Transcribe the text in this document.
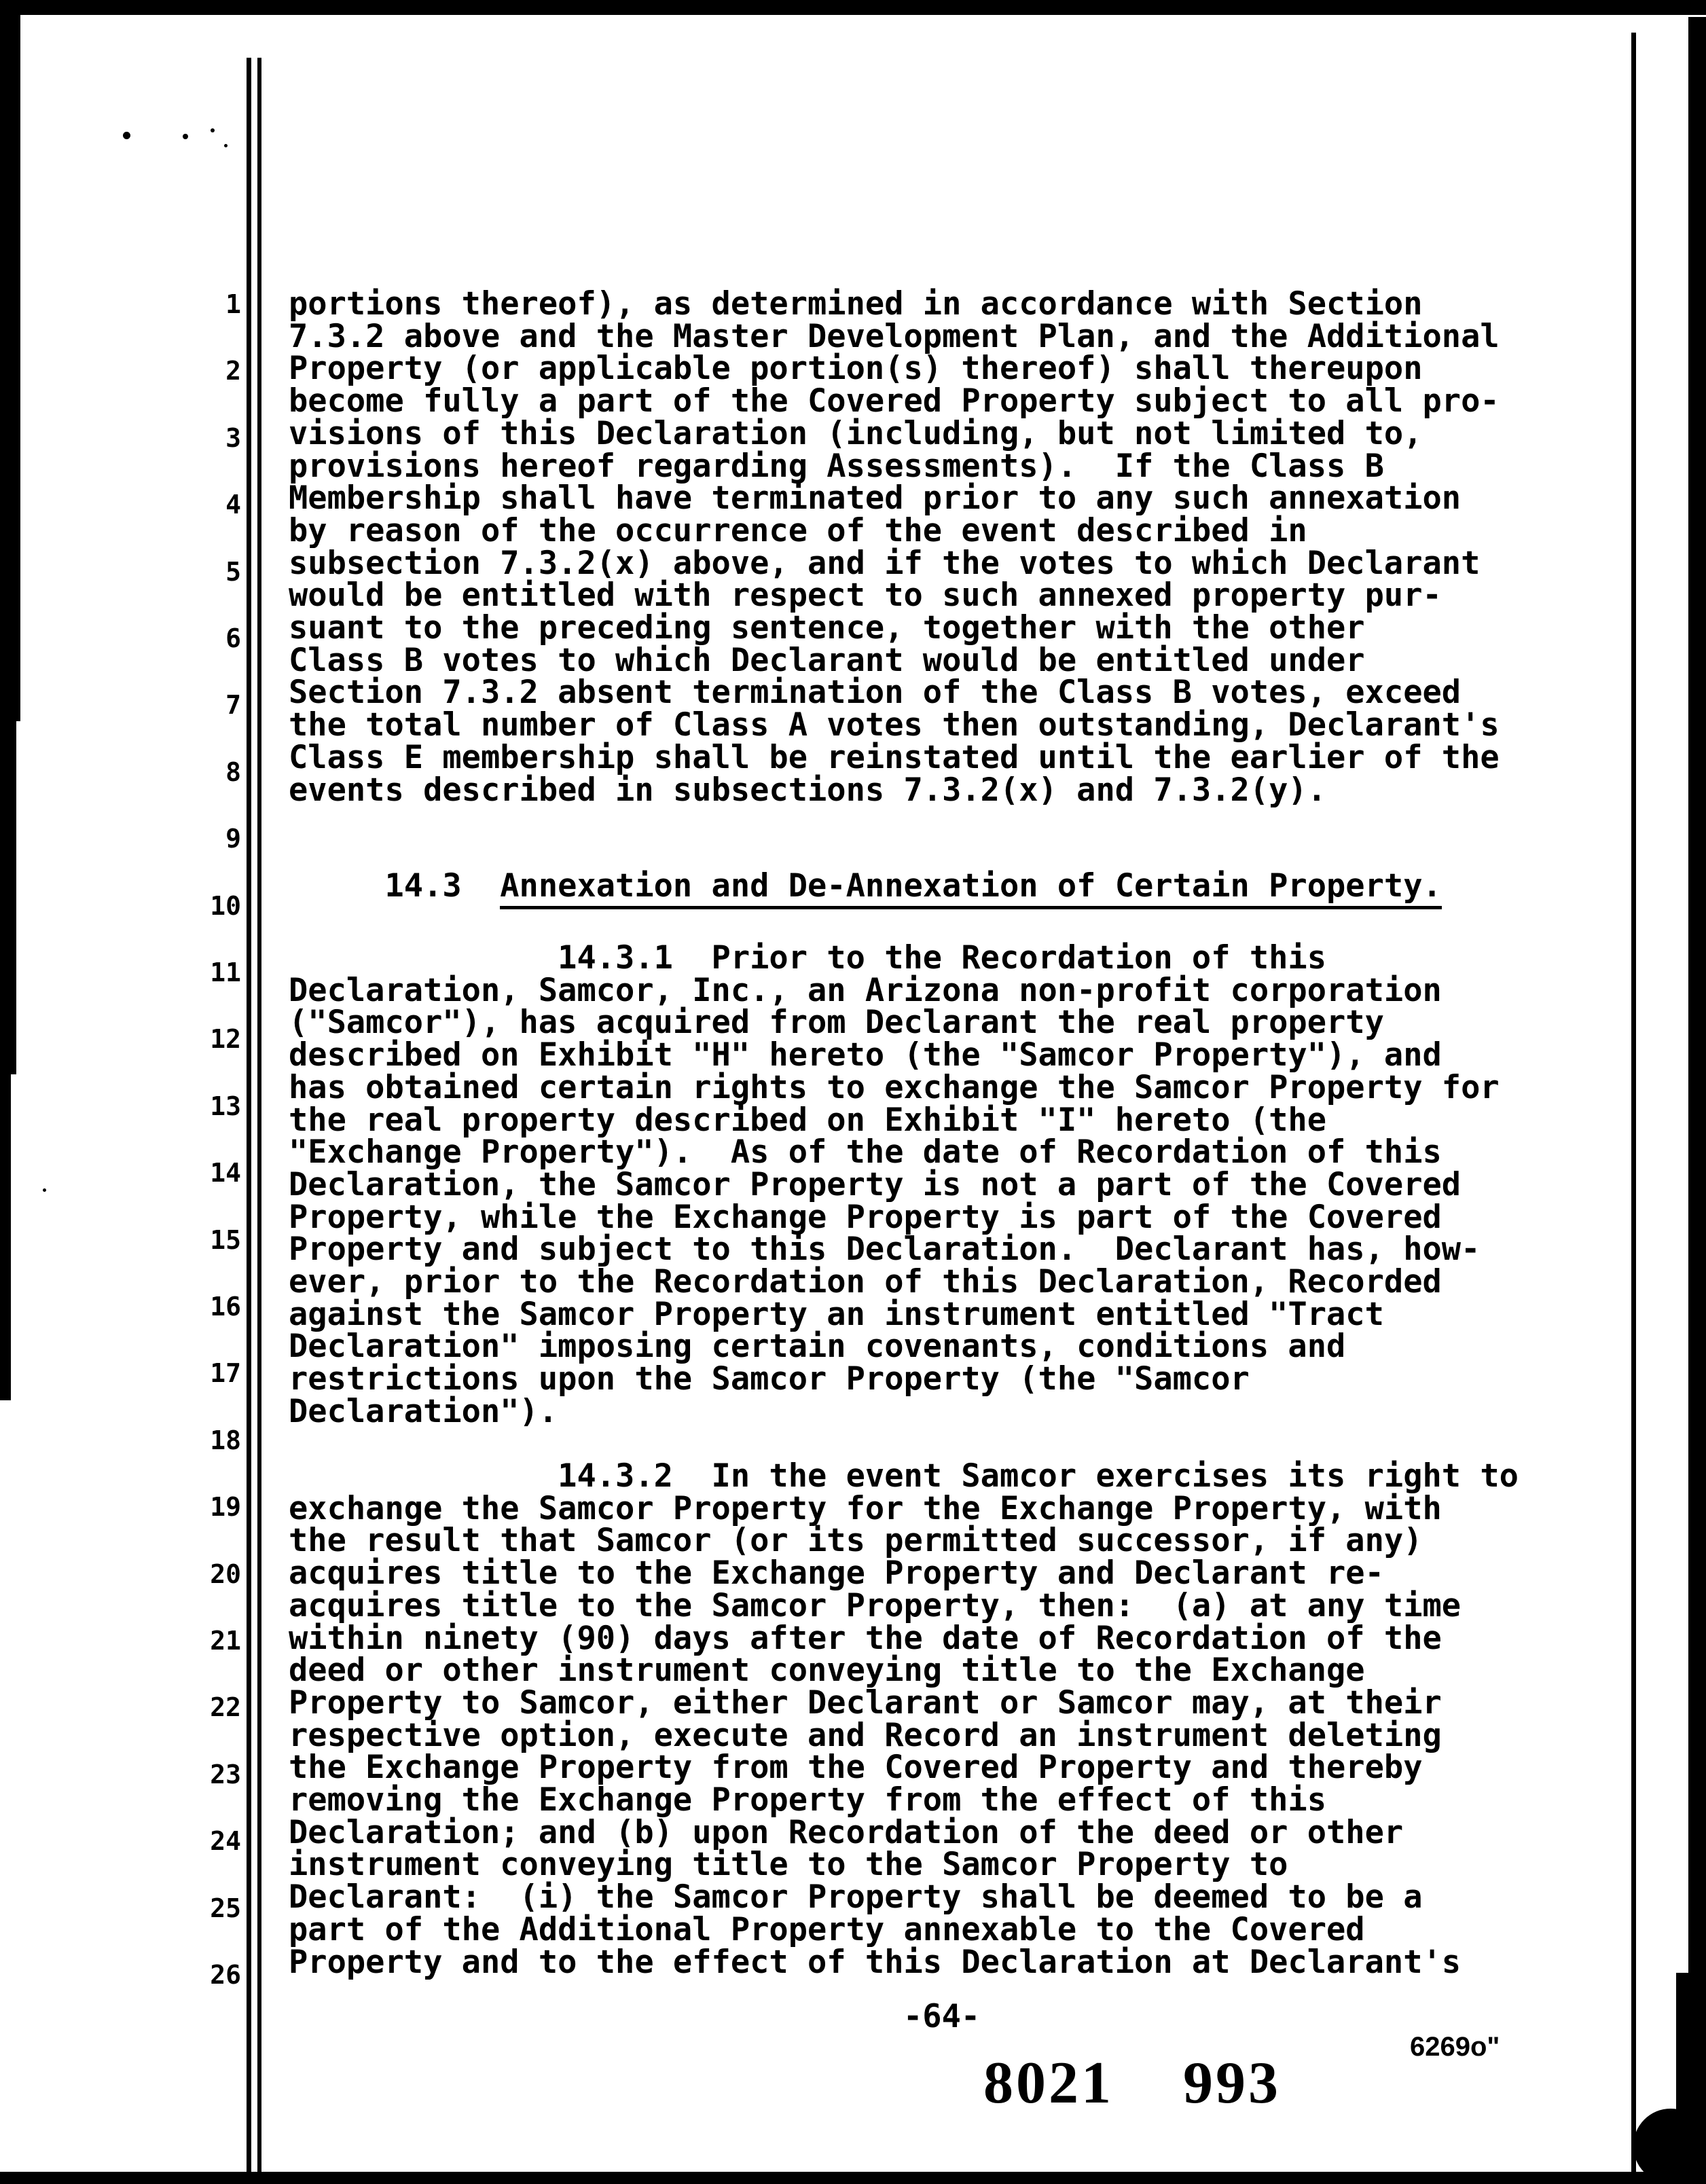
1
2
3
4
5
6
7
8
9
10
11
12
13
14
15
16
17
18
19
20
21
22
23
24
25
26
portions thereof), as determined in accordance with Section
7.3.2 above and the Master Development Plan, and the Additional
Property (or applicable portion(s) thereof) shall thereupon
become fully a part of the Covered Property subject to all pro-
visions of this Declaration (including, but not limited to,
provisions hereof regarding Assessments).  If the Class B
Membership shall have terminated prior to any such annexation
by reason of the occurrence of the event described in
subsection 7.3.2(x) above, and if the votes to which Declarant
would be entitled with respect to such annexed property pur-
suant to the preceding sentence, together with the other
Class B votes to which Declarant would be entitled under
Section 7.3.2 absent termination of the Class B votes, exceed
the total number of Class A votes then outstanding, Declarant's
Class E membership shall be reinstated until the earlier of the
events described in subsections 7.3.2(x) and 7.3.2(y).
14.3 Annexation and De-Annexation of Certain Property.
14.3.1  Prior to the Recordation of this
Declaration, Samcor, Inc., an Arizona non-profit corporation
("Samcor"), has acquired from Declarant the real property
described on Exhibit "H" hereto (the "Samcor Property"), and
has obtained certain rights to exchange the Samcor Property for
the real property described on Exhibit "I" hereto (the
"Exchange Property").  As of the date of Recordation of this
Declaration, the Samcor Property is not a part of the Covered
Property, while the Exchange Property is part of the Covered
Property and subject to this Declaration.  Declarant has, how-
ever, prior to the Recordation of this Declaration, Recorded
against the Samcor Property an instrument entitled "Tract
Declaration" imposing certain covenants, conditions and
restrictions upon the Samcor Property (the "Samcor
Declaration").
14.3.2  In the event Samcor exercises its right to
exchange the Samcor Property for the Exchange Property, with
the result that Samcor (or its permitted successor, if any)
acquires title to the Exchange Property and Declarant re-
acquires title to the Samcor Property, then:  (a) at any time
within ninety (90) days after the date of Recordation of the
deed or other instrument conveying title to the Exchange
Property to Samcor, either Declarant or Samcor may, at their
respective option, execute and Record an instrument deleting
the Exchange Property from the Covered Property and thereby
removing the Exchange Property from the effect of this
Declaration; and (b) upon Recordation of the deed or other
instrument conveying title to the Samcor Property to
Declarant:  (i) the Samcor Property shall be deemed to be a
part of the Additional Property annexable to the Covered
Property and to the effect of this Declaration at Declarant's
-64-
6269o"
8021 993
